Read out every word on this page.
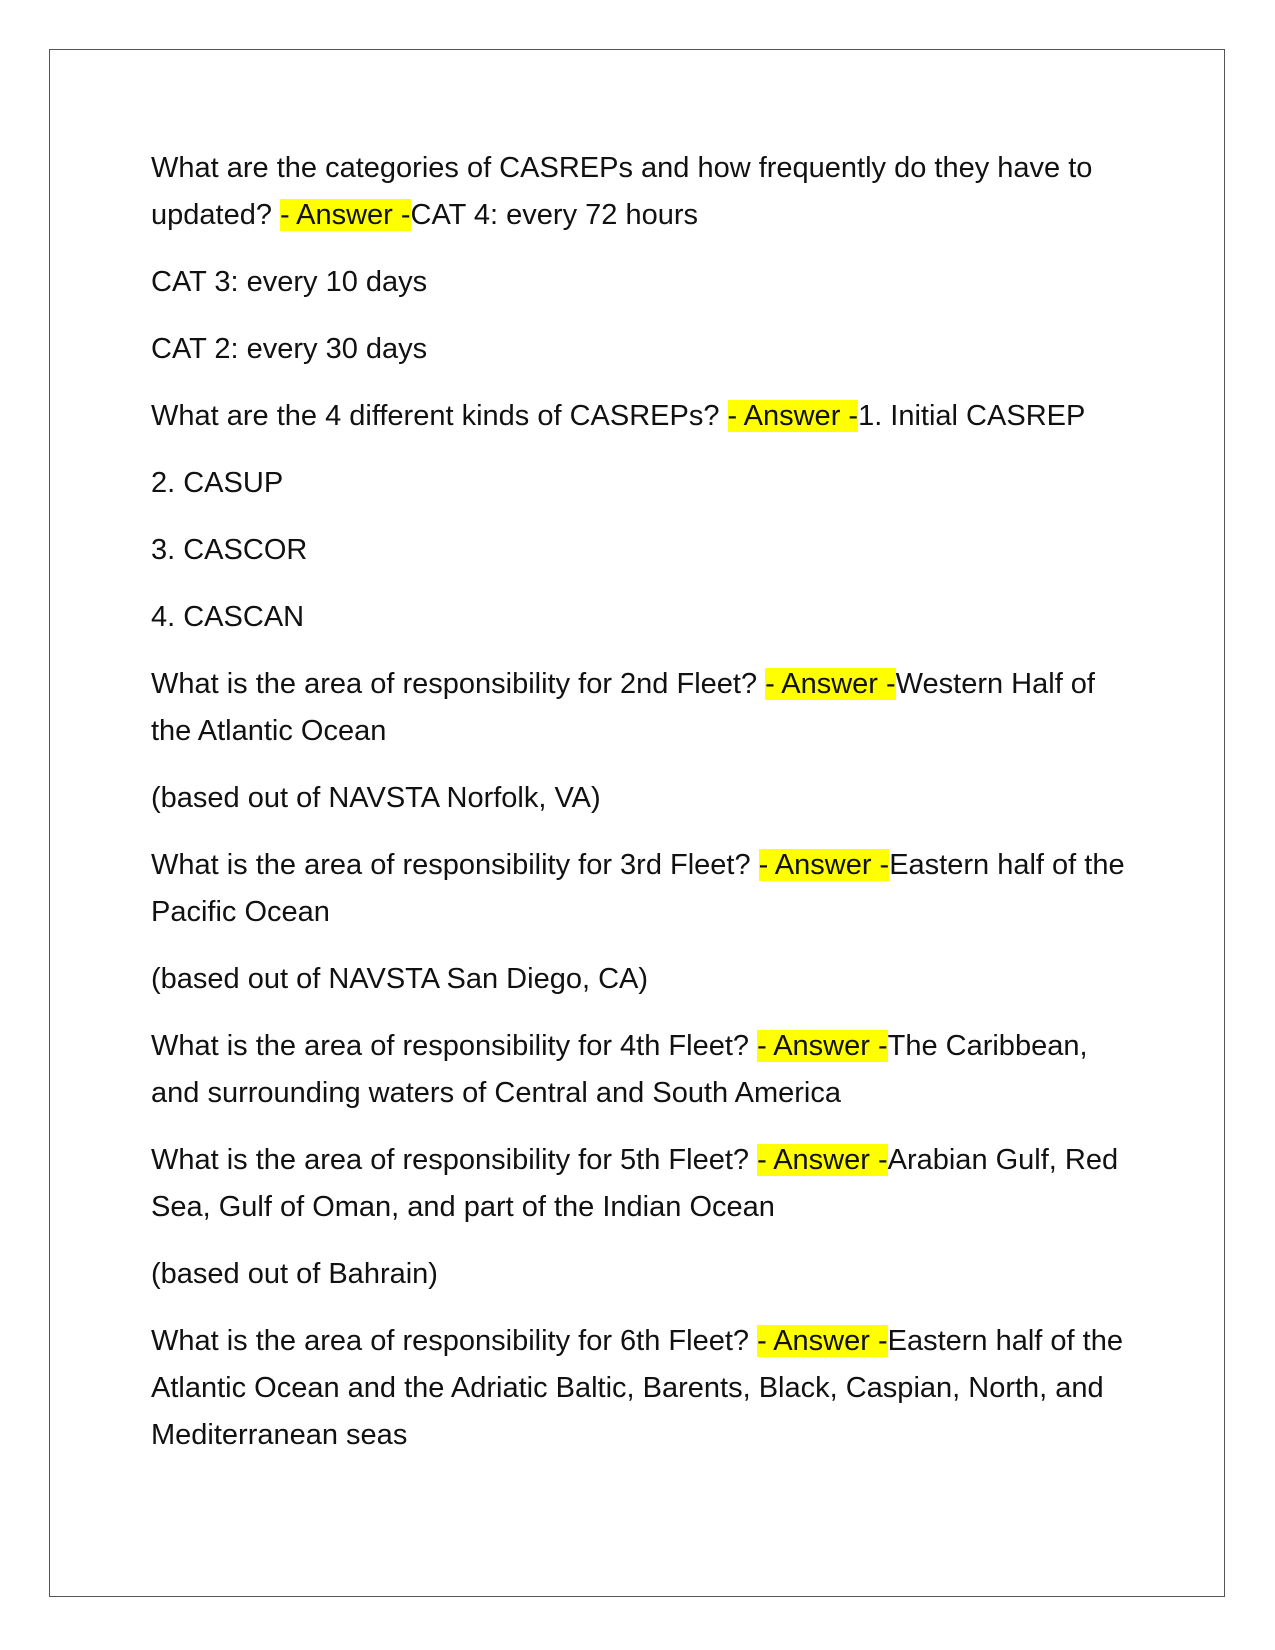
What are the categories of CASREPs and how frequently do they have to updated? - Answer -CAT 4: every 72 hours

CAT 3: every 10 days

CAT 2: every 30 days

What are the 4 different kinds of CASREPs? - Answer -1. Initial CASREP

2. CASUP

3. CASCOR

4. CASCAN

What is the area of responsibility for 2nd Fleet? - Answer -Western Half of the Atlantic Ocean

(based out of NAVSTA Norfolk, VA)

What is the area of responsibility for 3rd Fleet? - Answer -Eastern half of the Pacific Ocean

(based out of NAVSTA San Diego, CA)

What is the area of responsibility for 4th Fleet? - Answer -The Caribbean, and surrounding waters of Central and South America

What is the area of responsibility for 5th Fleet? - Answer -Arabian Gulf, Red Sea, Gulf of Oman, and part of the Indian Ocean

(based out of Bahrain)

What is the area of responsibility for 6th Fleet? - Answer -Eastern half of the Atlantic Ocean and the Adriatic Baltic, Barents, Black, Caspian, North, and Mediterranean seas
